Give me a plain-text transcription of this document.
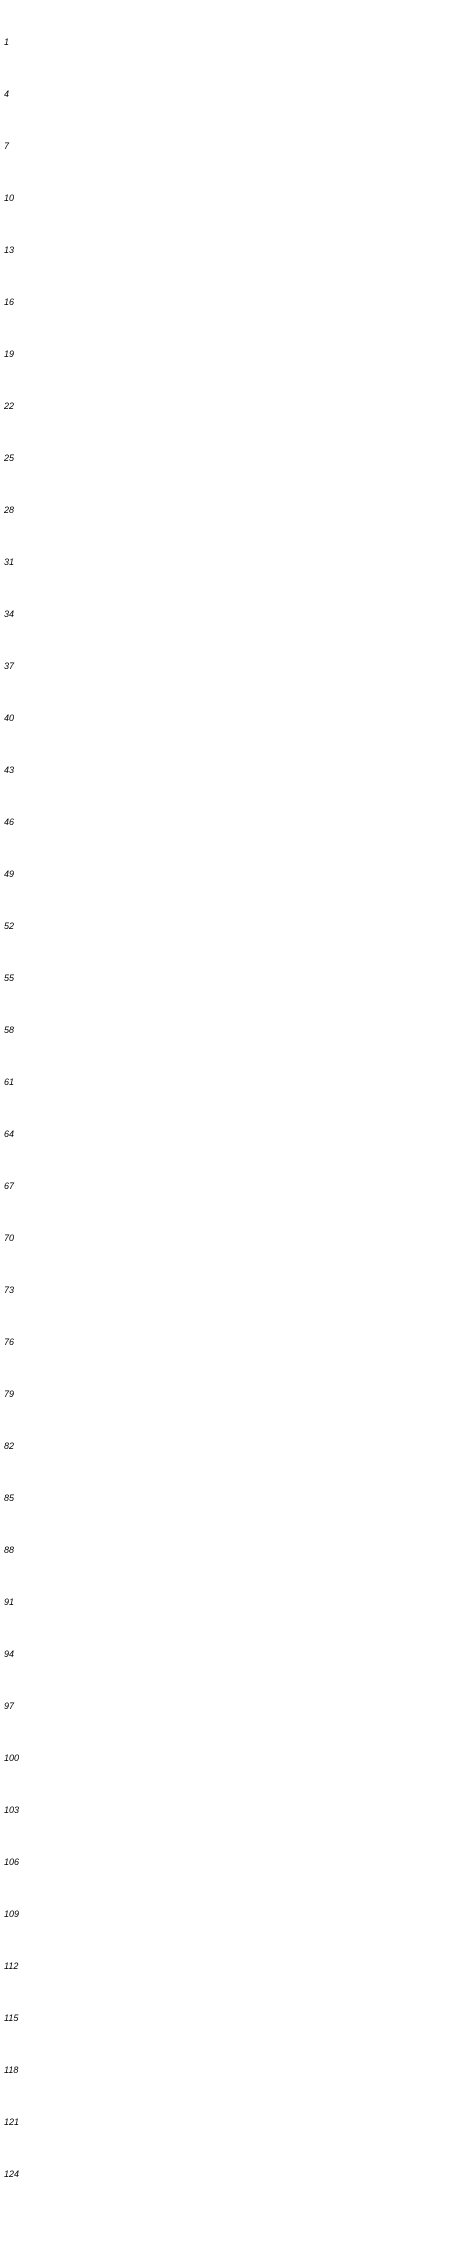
1
4
7
10
13
16
19
22
25
28
31
34
37
40
43
46
49
52
55
58
61
64
67
70
73
76
79
82
85
88
91
94
97
100
103
106
109
112
115
118
121
124
